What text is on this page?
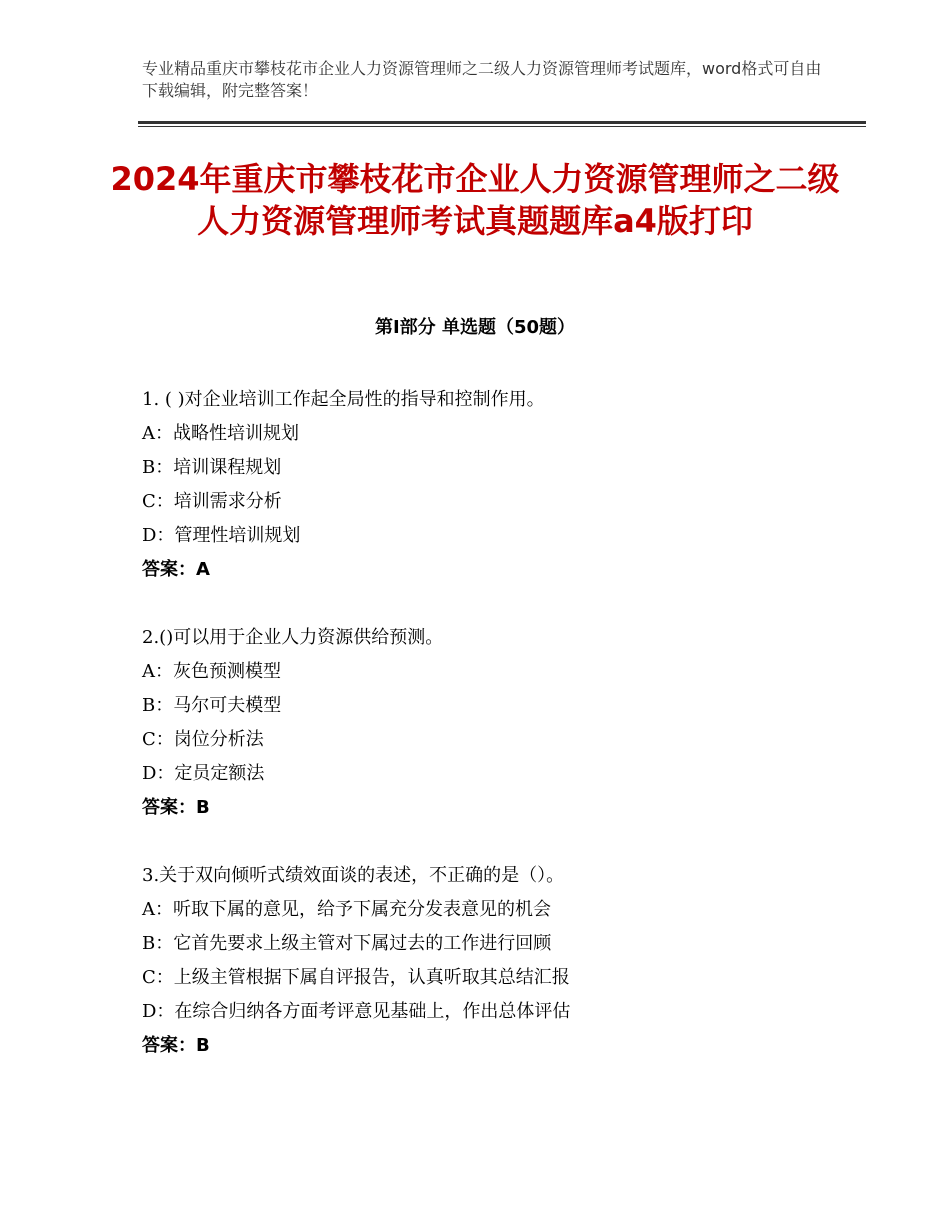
专业精品重庆市攀枝花市企业人力资源管理师之二级人力资源管理师考试题库，word格式可自由下载编辑，附完整答案！
2024年重庆市攀枝花市企业人力资源管理师之二级人力资源管理师考试真题题库a4版打印
第Ⅰ部分 单选题（50题）
1. ( )对企业培训工作起全局性的指导和控制作用。
A：战略性培训规划
B：培训课程规划
C：培训需求分析
D：管理性培训规划
答案：A
2.()可以用于企业人力资源供给预测。
A：灰色预测模型
B：马尔可夫模型
C：岗位分析法
D：定员定额法
答案：B
3.关于双向倾听式绩效面谈的表述，不正确的是（）。
A：听取下属的意见，给予下属充分发表意见的机会
B：它首先要求上级主管对下属过去的工作进行回顾
C：上级主管根据下属自评报告，认真听取其总结汇报
D：在综合归纳各方面考评意见基础上，作出总体评估
答案：B
